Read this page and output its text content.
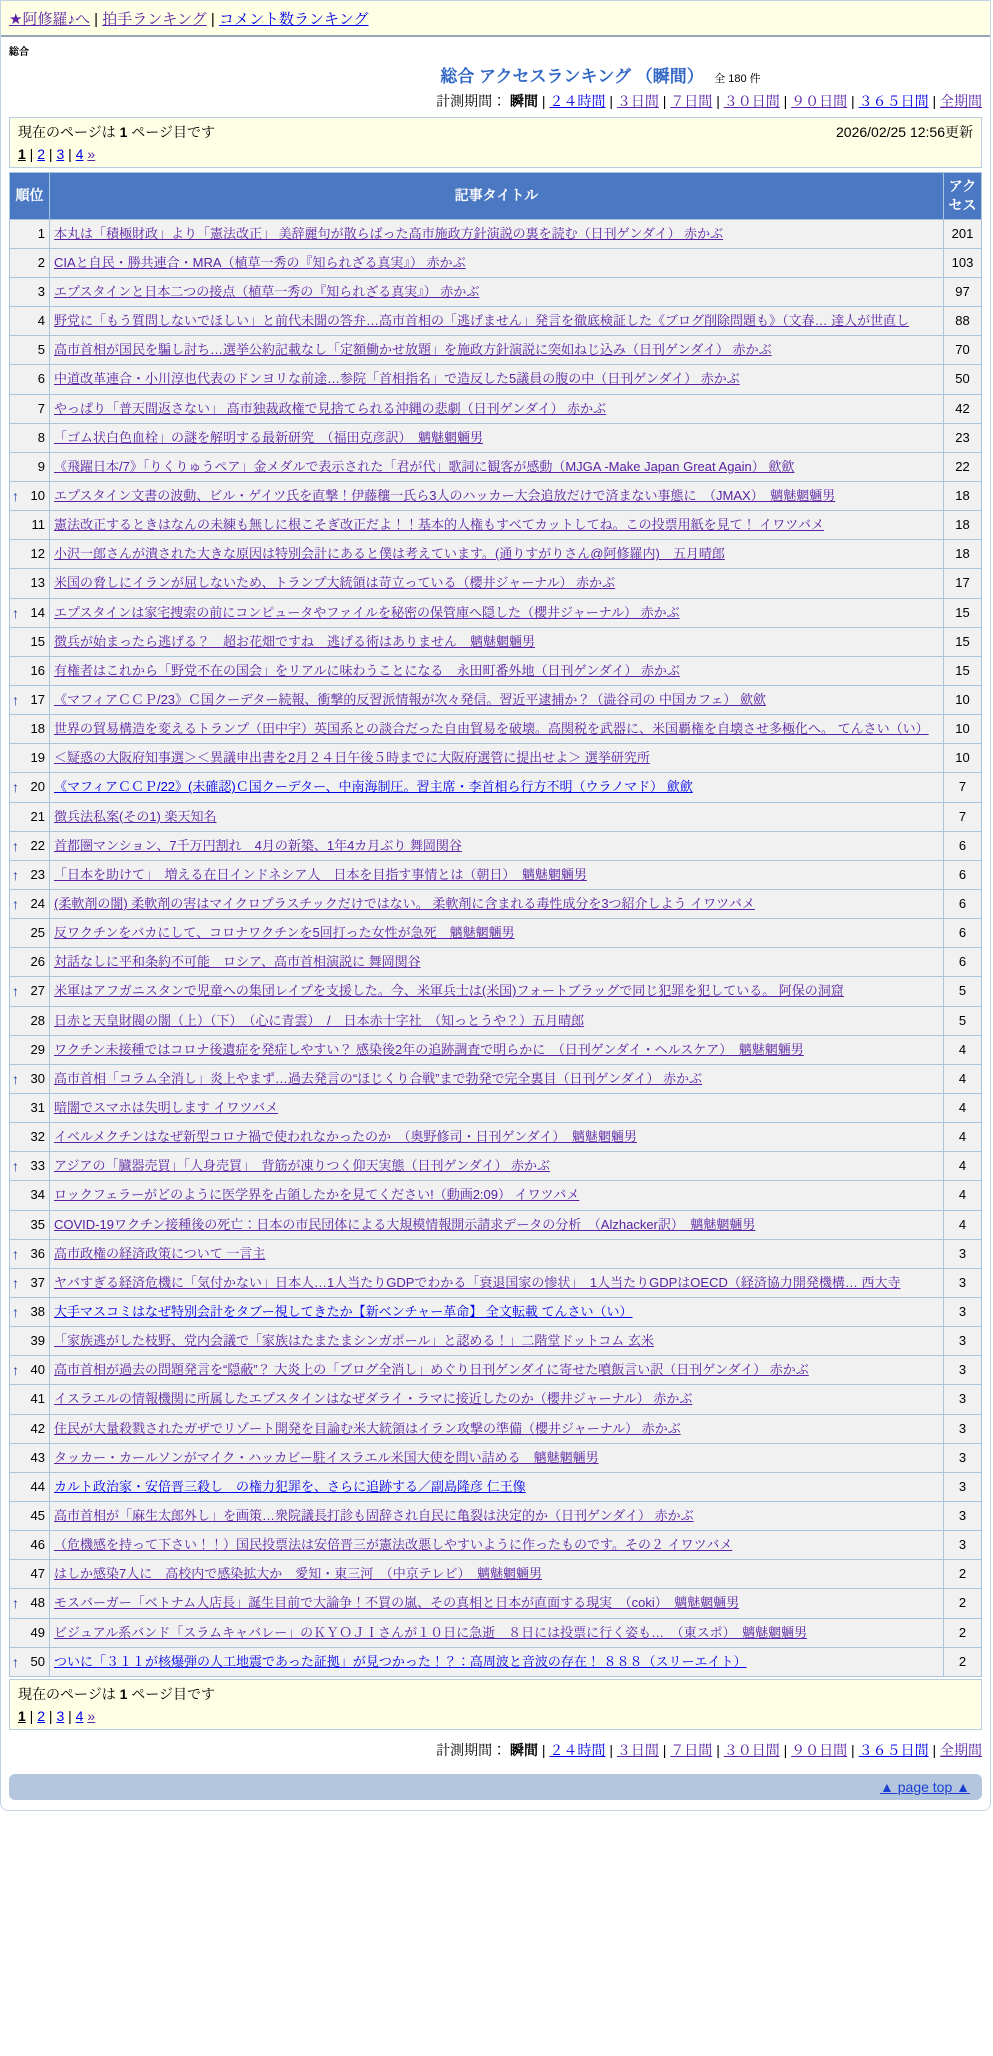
★阿修羅♪へ | 拍手ランキング | コメント数ランキング
総合
総合 アクセスランキング （瞬間） 全 180 件
計測期間： 瞬間 | ２４時間 | ３日間 | ７日間 | ３０日間 | ９０日間 | ３６５日間 | 全期間
2026/02/25 12:56更新
現在のページは 1 ページ目です
1 | 2 | 3 | 4 »
順位	記事タイトル	アクセス
1	本丸は「積極財政」より「憲法改正」 美辞麗句が散らばった高市施政方針演説の裏を読む（日刊ゲンダイ） 赤かぶ	201
2	CIAと自民・勝共連合・MRA（植草一秀の『知られざる真実』） 赤かぶ	103
3	エプスタインと日本二つの接点（植草一秀の『知られざる真実』） 赤かぶ	97
4	野党に「もう質問しないでほしい」と前代未聞の答弁…高市首相の「逃げません」発言を徹底検証した《ブログ削除問題も》（文春… 達人が世直し	88
5	高市首相が国民を騙し討ち…選挙公約記載なし「定額働かせ放題」を施政方針演説に突如ねじ込み（日刊ゲンダイ） 赤かぶ	70
6	中道改革連合・小川淳也代表のドンヨリな前途…参院「首相指名」で造反した5議員の腹の中（日刊ゲンダイ） 赤かぶ	50
7	やっぱり「普天間返さない」 高市独裁政権で見捨てられる沖縄の悲劇（日刊ゲンダイ） 赤かぶ	42
8	「ゴム状白色血栓」の謎を解明する最新研究　（福田克彦訳）　魑魅魍魎男	23
9	《飛躍日本/7》「りくりゅうペア」金メダルで表示された「君が代」歌詞に観客が感動（MJGA -Make Japan Great Again） 歛歛	22

↑ 10	エプスタイン文書の波動、ビル・ゲイツ氏を直撃！伊藤穰一氏ら3人のハッカー大会追放だけで済まない事態に　（JMAX）　魑魅魍魎男	18
11	憲法改正するときはなんの未練も無しに根こそぎ改正だよ！！基本的人権もすべてカットしてね。この投票用紙を見て！ イワツバメ	18
12	小沢一郎さんが潰された大きな原因は特別会計にあると僕は考えています。(通りすがりさん@阿修羅内)　五月晴郎	18
13	米国の脅しにイランが屈しないため、トランプ大統領は苛立っている（櫻井ジャーナル） 赤かぶ	17

↑ 14	エプスタインは家宅捜索の前にコンピュータやファイルを秘密の保管庫へ隠した（櫻井ジャーナル） 赤かぶ	15
15	徴兵が始まったら逃げる？　超お花畑ですね　逃げる術はありません　魑魅魍魎男	15
16	有権者はこれから「野党不在の国会」をリアルに味わうことになる　永田町番外地（日刊ゲンダイ） 赤かぶ	15

↑ 17	《マフィアＣＣＰ/23》Ｃ国クーデター続報、衝撃的反習派情報が次々発信。習近平逮捕か？（澁谷司の 中国カフェ） 歛歛	10
18	世界の貿易構造を変えるトランプ（田中宇）英国系との談合だった自由貿易を破壊。高関税を武器に、米国覇権を自壊させ多極化へ。 てんさい（い）	10
19	＜疑惑の大阪府知事選＞＜異議申出書を2月２４日午後５時までに大阪府選管に提出せよ＞ 選挙研究所	10

↑ 20	《マフィアＣＣＰ/22》(未確認)Ｃ国クーデター、中南海制圧。習主席・李首相ら行方不明（ウラノマド） 歛歛	7
21	徴兵法私案(その1) 楽天知名	7

↑ 22	首都圏マンション、7千万円割れ　4月の新築、1年4カ月ぶり 舞岡関谷	6

↑ 23	「日本を助けて」　増える在日インドネシア人　日本を目指す事情とは（朝日）　魑魅魍魎男	6

↑ 24	(柔軟剤の闇) 柔軟剤の害はマイクロプラスチックだけではない。 柔軟剤に含まれる毒性成分を3つ紹介しよう イワツバメ	6
25	反ワクチンをバカにして、コロナワクチンを5回打った女性が急死　魑魅魍魎男	6
26	対話なしに平和条約不可能　ロシア、高市首相演説に 舞岡関谷	6

↑ 27	米軍はアフガニスタンで児童への集団レイプを支援した。今、米軍兵士は(米国)フォートブラッグで同じ犯罪を犯している。 阿保の洞窟	5
28	日赤と天皇財閥の闇（上）（下）　（心に青雲）　/　日本赤十字社　（知っとうや？）五月晴郎	5
29	ワクチン未接種ではコロナ後遺症を発症しやすい？ 感染後2年の追跡調査で明らかに　（日刊ゲンダイ・ヘルスケア）　魑魅魍魎男	4

↑ 30	高市首相「コラム全消し」炎上やまず…過去発言の“ほじくり合戦”まで勃発で完全裏目（日刊ゲンダイ） 赤かぶ	4
31	暗闇でスマホは失明します イワツバメ	4
32	イベルメクチンはなぜ新型コロナ禍で使われなかったのか　（奥野修司・日刊ゲンダイ）　魑魅魍魎男	4

↑ 33	アジアの「臓器売買」「人身売買」　背筋が凍りつく仰天実態（日刊ゲンダイ） 赤かぶ	4
34	ロックフェラーがどのように医学界を占領したかを見てください!（動画2:09） イワツバメ	4
35	COVID-19ワクチン接種後の死亡：日本の市民団体による大規模情報開示請求データの分析　（Alzhacker訳）　魑魅魍魎男	4

↑ 36	高市政権の経済政策について 一言主	3

↑ 37	ヤバすぎる経済危機に「気付かない」日本人…1人当たりGDPでわかる「衰退国家の惨状」　1人当たりGDPはOECD（経済協力開発機構… 西大寺	3

↑ 38	大手マスコミはなぜ特別会計をタブー視してきたか【新ベンチャー革命】 全文転載 てんさい（い）	3
39	「家族逃がした枝野、党内会議で「家族はたまたまシンガポール」と認める！」二階堂ドットコム 玄米	3

↑ 40	高市首相が過去の問題発言を“隠蔽”？ 大炎上の「ブログ全消し」めぐり日刊ゲンダイに寄せた噴飯言い訳（日刊ゲンダイ） 赤かぶ	3
41	イスラエルの情報機関に所属したエプスタインはなぜダライ・ラマに接近したのか（櫻井ジャーナル） 赤かぶ	3
42	住民が大量殺戮されたガザでリゾート開発を目論む米大統領はイラン攻撃の準備（櫻井ジャーナル） 赤かぶ	3
43	タッカー・カールソンがマイク・ハッカビー駐イスラエル米国大使を問い詰める　魑魅魍魎男	3
44	カルト政治家・安倍晋三殺し　の権力犯罪を、さらに追跡する／副島隆彦 仁王像	3
45	高市首相が「麻生太郎外し」を画策…衆院議長打診も固辞され自民に亀裂は決定的か（日刊ゲンダイ） 赤かぶ	3
46	（危機感を持って下さい！！）国民投票法は安倍晋三が憲法改悪しやすいように作ったものです。その２ イワツバメ	3
47	はしか感染7人に　高校内で感染拡大か　愛知・東三河　（中京テレビ）　魑魅魍魎男	2

↑ 48	モスバーガー「ベトナム人店長」誕生目前で大論争！不買の嵐、その真相と日本が直面する現実　（coki）　魑魅魍魎男	2
49	ビジュアル系バンド「スラムキャバレー」のＫＹＯＪＩさんが１０日に急逝　８日には投票に行く姿も…　（東スポ）　魑魅魍魎男	2

↑ 50	ついに「３１１が核爆弾の人工地震であった証拠」が見つかった！？：高周波と音波の存在！ ８８８（スリーエイト）	2
現在のページは 1 ページ目です
1 | 2 | 3 | 4 »
計測期間： 瞬間 | ２４時間 | ３日間 | ７日間 | ３０日間 | ９０日間 | ３６５日間 | 全期間
▲ page top ▲
